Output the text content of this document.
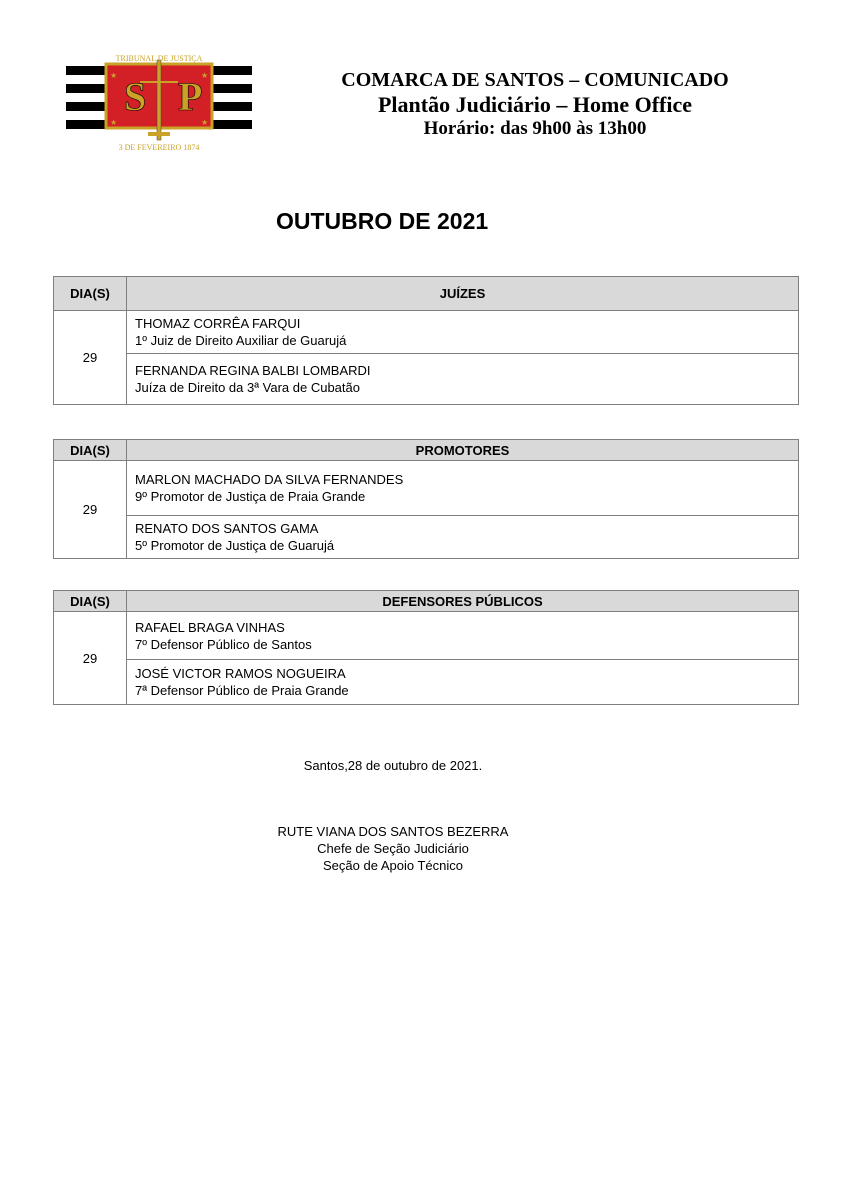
S P
★	★
★	★
TRIBUNAL DE JUSTIÇA
3 DE FEVEREIRO 1874
COMARCA DE SANTOS – COMUNICADO
Plantão Judiciário – Home Office
Horário: das 9h00 às 13h00
OUTUBRO DE 2021
DIA(S)	JUÍZES
29	THOMAZ CORRÊA FARQUI
1º Juiz de Direito Auxiliar de Guarujá

	FERNANDA REGINA BALBI LOMBARDI
Juíza de Direito da 3ª Vara de Cubatão
DIA(S)	PROMOTORES
29	MARLON MACHADO DA SILVA FERNANDES
9º Promotor de Justiça de Praia Grande

	RENATO DOS SANTOS GAMA
5º Promotor de Justiça de Guarujá
DIA(S)	DEFENSORES PÚBLICOS
29	RAFAEL BRAGA VINHAS
7º Defensor Público de Santos

	JOSÉ VICTOR RAMOS NOGUEIRA
7ª Defensor Público de Praia Grande
Santos,28 de outubro de 2021.
RUTE VIANA DOS SANTOS BEZERRA
Chefe de Seção Judiciário
Seção de Apoio Técnico
